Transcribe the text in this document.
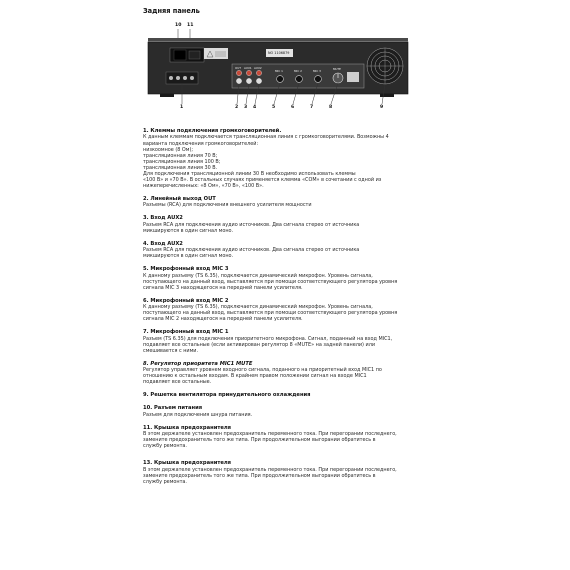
Задняя панель
10 11
NO 1106879
OUT AUX1 AUX2
MIC 1	MIC 2	MIC 3	MUTE
1	2 3 4	5	6	7	8	9
1. Клеммы подключения громкоговорителей.
К данным клеммам подключается трансляционная линия с громкоговорителями. Возможны 4
варианта подключения громкоговорителей:
низкоомное (8 Ом);
трансляционная линия 70 В;
трансляционная линия 100 В;
трансляционная линия 30 В.
Для подключения трансляционной линии 30 В необходимо использовать клеммы
«100 В» и «70 В». В остальных случаях применяется клемма «COM» в сочетании с одной из
нижеперечисленных: «8 Ом», «70 В», «100 В».
2. Линейный выход OUT
Разъемы (RCA) для подключения внешнего усилителя мощности
3. Вход AUX2
Разъем RCA для подключения аудио источников. Два сигнала стерео от источника
микшируются в один сигнал моно.
4. Вход AUX2
Разъем RCA для подключения аудио источников. Два сигнала стерео от источника
микшируются в один сигнал моно.
5. Микрофонный вход MIC 3
К данному разъему (TS 6.35), подключается динамический микрофон. Уровень сигнала,
поступающего на данный вход, выставляется при помощи соответствующего регулятора уровня
сигнала MIC 3 находящегося на передней панели усилителя.
6. Микрофонный вход MIC 2
К данному разъему (TS 6.35), подключается динамический микрофон. Уровень сигнала,
поступающего на данный вход, выставляется при помощи соответствующего регулятора уровня
сигнала MIC 2 находящегося на передней панели усилителя.
7. Микрофонный вход MIC 1
Разъем (TS 6.35) для подключения приоритетного микрофона. Сигнал, поданный на вход MIC1,
подавляет все остальные (если активирован регулятор 8 «MUTE» на задней панели) или
смешивается с ними.
8. Регулятор приоритета MIC1 MUTE
Регулятор управляет уровнем входного сигнала, поданного на приоритетный вход MIC1 по
отношению к остальным входам. В крайнем правом положении сигнал на входе MIC1
подавляет все остальные.
9. Решетка вентилятора принудительного охлаждения
10. Разъем питания
Разъем для подключения шнура питания.
11. Крышка предохранителя
В этом держателе установлен предохранитель переменного тока. При перегорании последнего,
замените предохранитель того же типа. При продолжительном выгорании обратитесь в
службу ремонта.
13. Крышка предохранителя
В этом держателе установлен предохранитель переменного тока. При перегорании последнего,
замените предохранитель того же типа. При продолжительном выгорании обратитесь в
службу ремонта.
